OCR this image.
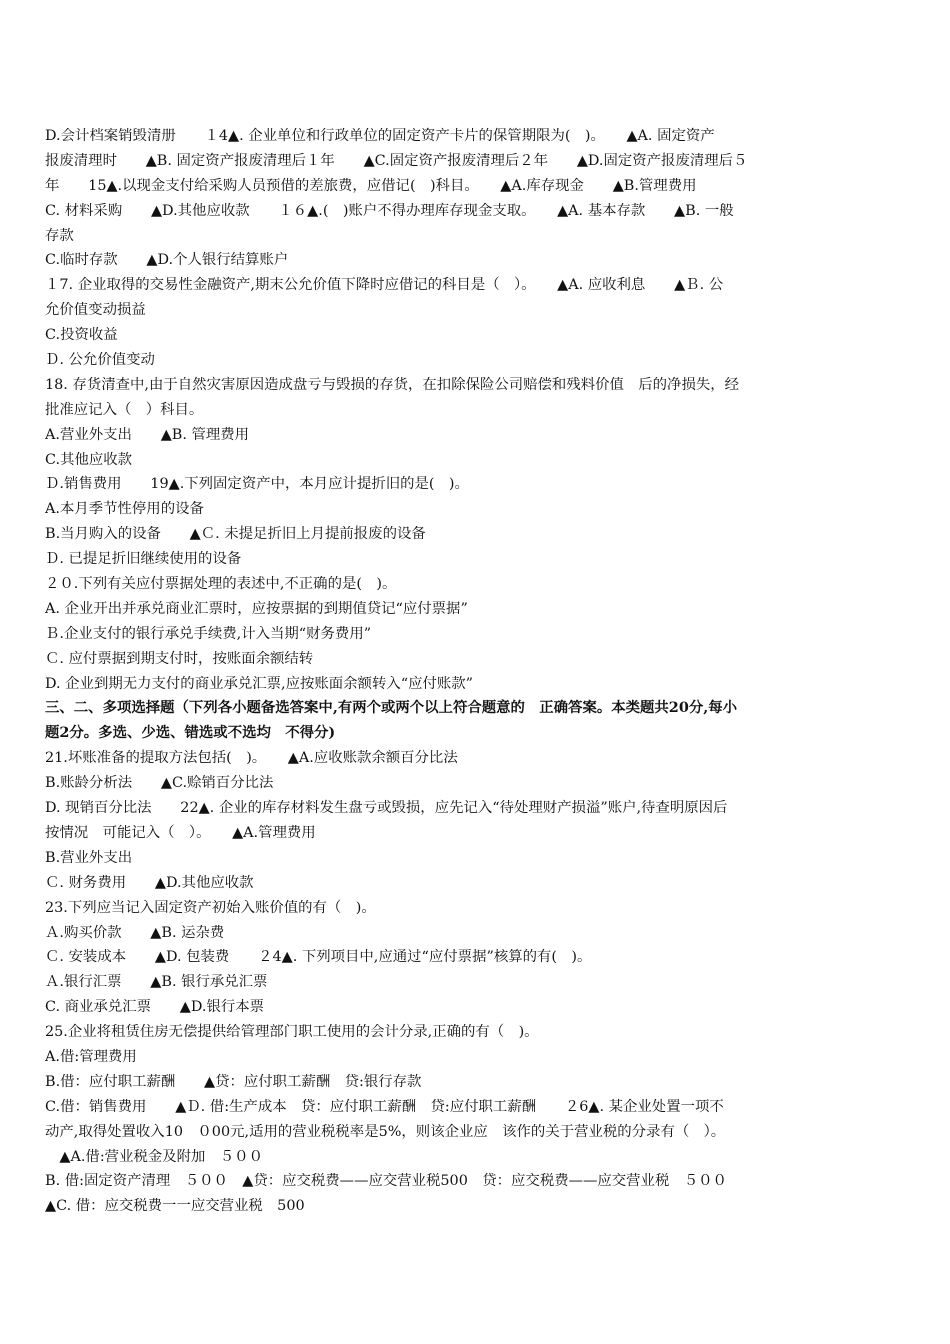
D.会计档案销毁清册　　１4▲. 企业单位和行政单位的固定资产卡片的保管期限为(　)。　　▲A. 固定资产
报废清理时　　▲B. 固定资产报废清理后１年　　▲C.固定资产报废清理后２年　　▲D.固定资产报废清理后５
年　　15▲.以现金支付给采购人员预借的差旅费，应借记(　)科目。　　▲A.库存现金　　▲B.管理费用
C. 材料采购　　▲D.其他应收款　　１６▲.(　)账户不得办理库存现金支取。　　▲A. 基本存款　　▲B. 一般
存款
C.临时存款　　▲D.个人银行结算账户
１7. 企业取得的交易性金融资产,期末公允价值下降时应借记的科目是（　）。　　▲A. 应收利息　　▲Ｂ. 公
允价值变动损益
C.投资收益
Ｄ. 公允价值变动
18. 存货清查中,由于自然灾害原因造成盘亏与毁损的存货，在扣除保险公司赔偿和残料价值　后的净损失，经
批准应记入（　）科目。
A.营业外支出　　▲B. 管理费用
C.其他应收款
Ｄ.销售费用　　19▲.下列固定资产中，本月应计提折旧的是(　)。
A.本月季节性停用的设备
B.当月购入的设备　　▲Ｃ. 未提足折旧上月提前报废的设备
Ｄ. 已提足折旧继续使用的设备
２０.下列有关应付票据处理的表述中,不正确的是(　)。
A. 企业开出并承兑商业汇票时，应按票据的到期值贷记“应付票据”
Ｂ.企业支付的银行承兑手续费,计入当期“财务费用”
Ｃ. 应付票据到期支付时，按账面余额结转
D. 企业到期无力支付的商业承兑汇票,应按账面余额转入“应付账款”
三、二、多项选择题（下列各小题备选答案中,有两个或两个以上符合题意的　正确答案。本类题共20分,每小
题2分。多选、少选、错选或不选均　不得分)
21.坏账准备的提取方法包括(　)。　　▲A.应收账款余额百分比法
B.账龄分析法　　▲C.赊销百分比法
D. 现销百分比法　　22▲. 企业的库存材料发生盘亏或毁损，应先记入“待处理财产损溢”账户,待查明原因后
按情况　可能记入（　）。　　▲A.管理费用
B.营业外支出
Ｃ. 财务费用　　▲D.其他应收款
23.下列应当记入固定资产初始入账价值的有（　)。
Ａ.购买价款　　▲B. 运杂费
Ｃ. 安装成本　　▲D. 包装费　　２4▲. 下列项目中,应通过“应付票据”核算的有(　)。
Ａ.银行汇票　　▲B. 银行承兑汇票
C. 商业承兑汇票　　▲D.银行本票
25.企业将租赁住房无偿提供给管理部门职工使用的会计分录,正确的有（　)。
A.借:管理费用
B.借：应付职工薪酬　　▲贷：应付职工薪酬　贷:银行存款
C.借：销售费用　　▲Ｄ. 借:生产成本　贷：应付职工薪酬　贷:应付职工薪酬　　２6▲. 某企业处置一项不
动产,取得处置收入10　０00元,适用的营业税税率是5%，则该企业应　该作的关于营业税的分录有（　）。
　▲A.借:营业税金及附加　５００
B. 借:固定资产清理　５００　▲贷：应交税费——应交营业税500　贷：应交税费——应交营业税　５００
▲C. 借：应交税费一一应交营业税　500
